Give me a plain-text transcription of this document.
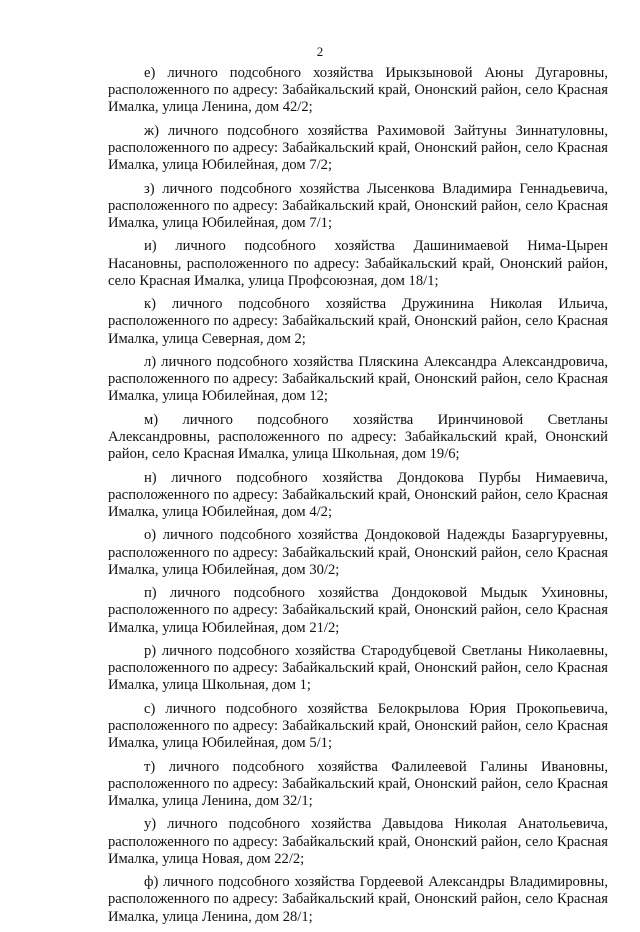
2

е) личного подсобного хозяйства Ирыкзыновой Аюны Дугаровны, расположенного по адресу: Забайкальский край, Ононский район, село Красная Ималка, улица Ленина, дом 42/2;

ж) личного подсобного хозяйства Рахимовой Зайтуны Зиннатуловны, расположенного по адресу: Забайкальский край, Ононский район, село Красная Ималка, улица Юбилейная, дом 7/2;

з) личного подсобного хозяйства Лысенкова Владимира Геннадьевича, расположенного по адресу: Забайкальский край, Ононский район, село Красная Ималка, улица Юбилейная, дом 7/1;

и) личного подсобного хозяйства Дашинимаевой Нима-Цырен Насановны, расположенного по адресу: Забайкальский край, Ононский район, село Красная Ималка, улица Профсоюзная, дом 18/1;

к) личного подсобного хозяйства Дружинина Николая Ильича, расположенного по адресу: Забайкальский край, Ононский район, село Красная Ималка, улица Северная, дом 2;

л) личного подсобного хозяйства Пляскина Александра Александровича, расположенного по адресу: Забайкальский край, Ононский район, село Красная Ималка, улица Юбилейная, дом 12;

м) личного подсобного хозяйства Иринчиновой Светланы Александровны, расположенного по адресу: Забайкальский край, Ононский район, село Красная Ималка, улица Школьная, дом 19/6;

н) личного подсобного хозяйства Дондокова Пурбы Нимаевича, расположенного по адресу: Забайкальский край, Ононский район, село Красная Ималка, улица Юбилейная, дом 4/2;

о) личного подсобного хозяйства Дондоковой Надежды Базаргуруевны, расположенного по адресу: Забайкальский край, Ононский район, село Красная Ималка, улица Юбилейная, дом 30/2;

п) личного подсобного хозяйства Дондоковой Мыдык Ухиновны, расположенного по адресу: Забайкальский край, Ононский район, село Красная Ималка, улица Юбилейная, дом 21/2;

р) личного подсобного хозяйства Стародубцевой Светланы Николаевны, расположенного по адресу: Забайкальский край, Ононский район, село Красная Ималка, улица Школьная, дом 1;

с) личного подсобного хозяйства Белокрылова Юрия Прокопьевича, расположенного по адресу: Забайкальский край, Ононский район, село Красная Ималка, улица Юбилейная, дом 5/1;

т) личного подсобного хозяйства Фалилеевой Галины Ивановны, расположенного по адресу: Забайкальский край, Ононский район, село Красная Ималка, улица Ленина, дом 32/1;

у) личного подсобного хозяйства Давыдова Николая Анатольевича, расположенного по адресу: Забайкальский край, Ононский район, село Красная Ималка, улица Новая, дом 22/2;

ф) личного подсобного хозяйства Гордеевой Александры Владимировны, расположенного по адресу: Забайкальский край, Ононский район, село Красная Ималка, улица Ленина, дом 28/1;
